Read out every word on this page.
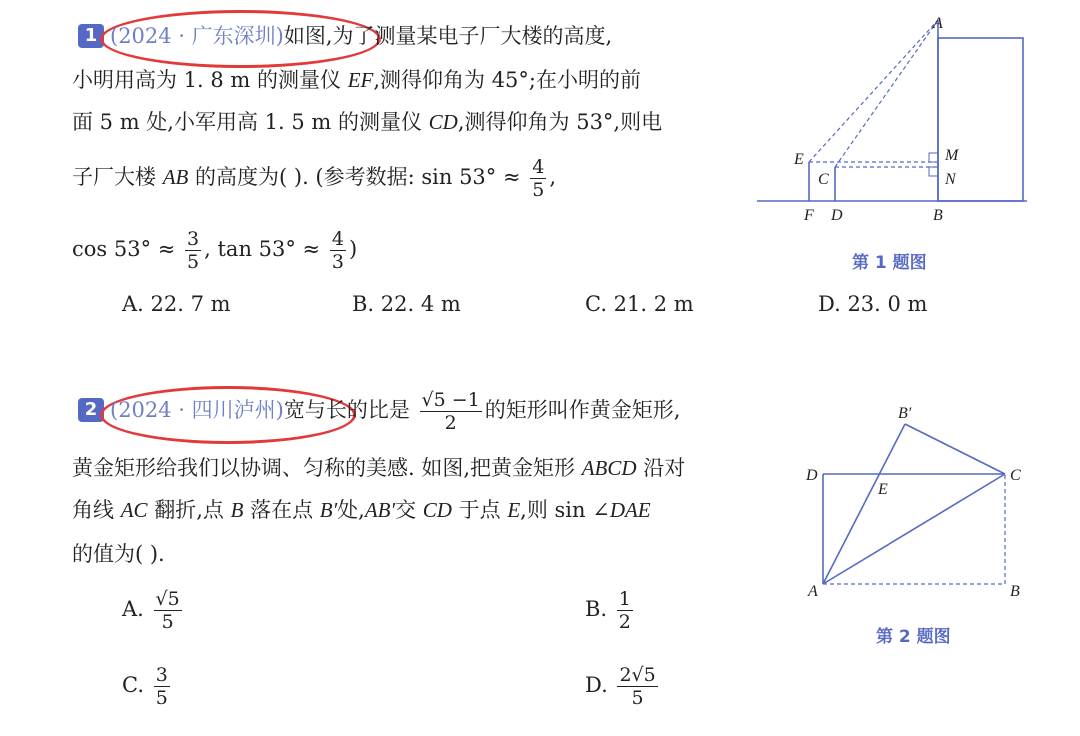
1 (2024 · 广东深圳)如图,为了测量某电子厂大楼的高度,
小明用高为 1. 8 m 的测量仪 EF,测得仰角为 45°;在小明的前
面 5 m 处,小军用高 1. 5 m 的测量仪 CD,测得仰角为 53°,则电
子厂大楼 AB 的高度为( ). (参考数据: $\sin 53^\circ \approx \frac{4}{5}$ ,
$\cos 53^\circ \approx \frac{3}{5}$ , $\tan 53^\circ \approx \frac{4}{3}$ )
A. 22. 7 m	B. 22. 4 m	C. 21. 2 m	D. 23. 0 m
A
E
C
M
N
F D	B
第 1 题图
2 (2024 · 四川泸州)宽与长的比是 $\frac{√5 -1}{2}$ 的矩形叫作黄金矩形,
黄金矩形给我们以协调、匀称的美感. 如图,把黄金矩形 ABCD 沿对
角线 AC 翻折,点 B 落在点 B′处,AB′交 CD 于点 E,则 sin ∠DAE
的值为( ).
A. $\frac{√5}{5}$	B. $\frac{1}{2}$
C. $\frac{3}{5}$	D. $\frac{2√5}{5}$
B′
D
E
C
A	B
第 2 题图
